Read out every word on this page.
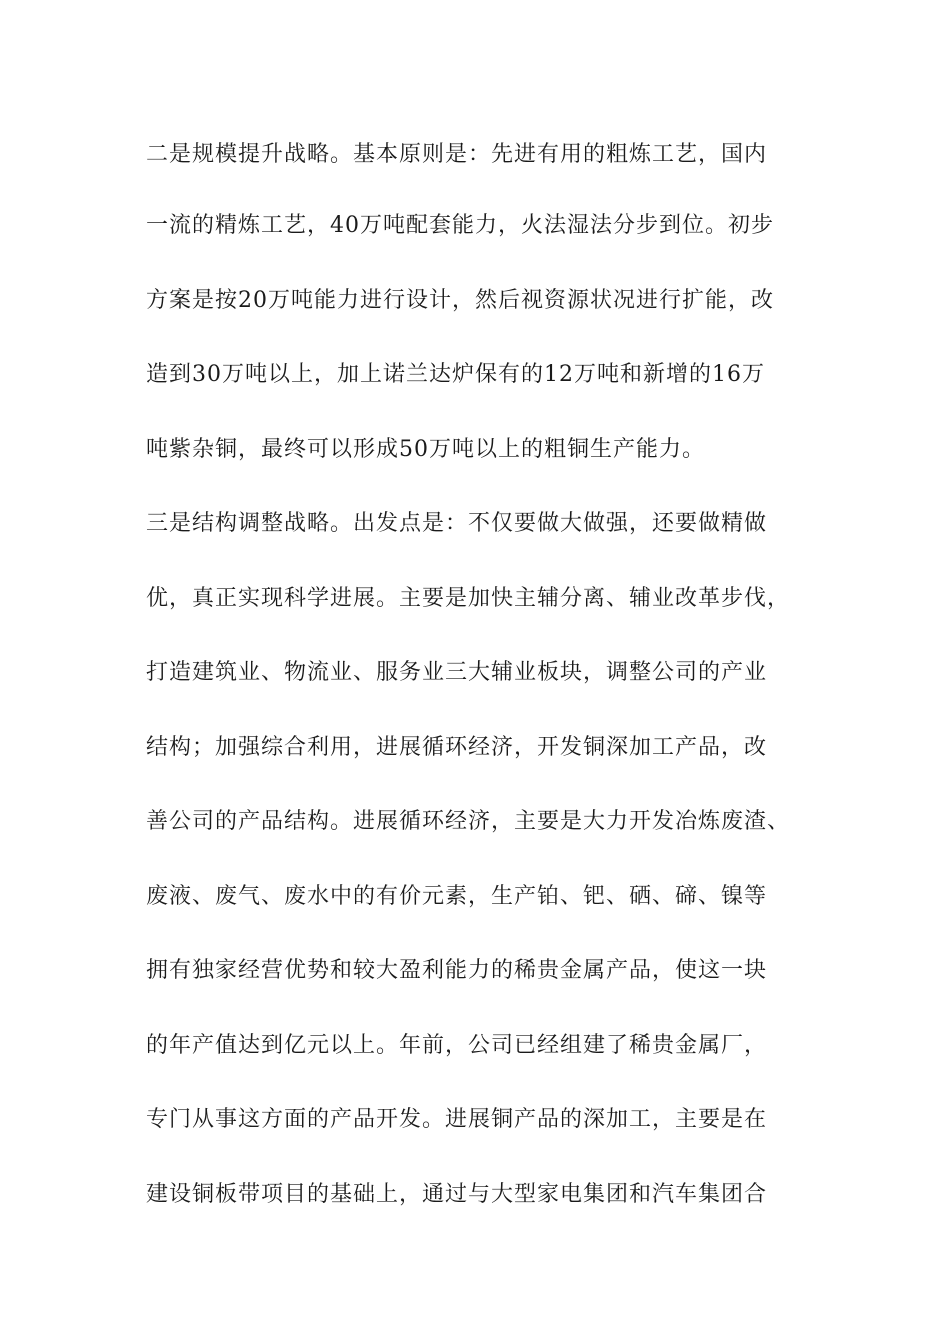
二是规模提升战略。基本原则是：先进有用的粗炼工艺，国内

一流的精炼工艺，40万吨配套能力，火法湿法分步到位。初步

方案是按20万吨能力进行设计，然后视资源状况进行扩能，改

造到30万吨以上，加上诺兰达炉保有的12万吨和新增的16万

吨紫杂铜，最终可以形成50万吨以上的粗铜生产能力。

三是结构调整战略。出发点是：不仅要做大做强，还要做精做

优，真正实现科学进展。主要是加快主辅分离、辅业改革步伐，

打造建筑业、物流业、服务业三大辅业板块，调整公司的产业

结构；加强综合利用，进展循环经济，开发铜深加工产品，改

善公司的产品结构。进展循环经济，主要是大力开发冶炼废渣、

废液、废气、废水中的有价元素，生产铂、钯、硒、碲、镍等

拥有独家经营优势和较大盈利能力的稀贵金属产品，使这一块

的年产值达到亿元以上。年前，公司已经组建了稀贵金属厂，

专门从事这方面的产品开发。进展铜产品的深加工，主要是在

建设铜板带项目的基础上，通过与大型家电集团和汽车集团合
